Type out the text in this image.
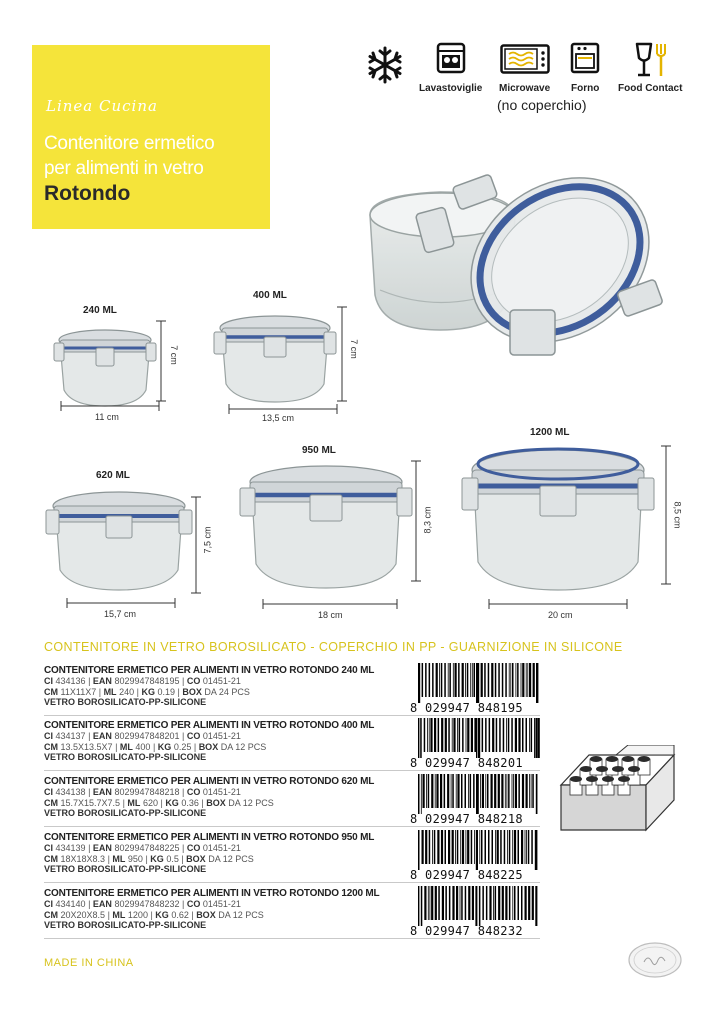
Linea Cucina
Contenitore ermetico
per alimenti in vetro
Rotondo
Lavastoviglie Microwave Forno Food Contact
(no coperchio)
240 ML
11 cm
7 cm
400 ML
13,5 cm
7 cm
620 ML
15,7 cm
7,5 cm
950 ML
18 cm
8,3 cm
1200 ML
20 cm
8,5 cm
CONTENITORE IN VETRO BOROSILICATO - COPERCHIO IN PP - GUARNIZIONE IN SILICONE
CONTENITORE ERMETICO PER ALIMENTI IN VETRO ROTONDO 240 ML
CI 434136 | EAN 8029947848195 | CO 01451-21
CM 11X11X7 | ML 240 | KG 0.19 | BOX DA 24 PCS
VETRO BOROSILICATO-PP-SILICONE	8 029947 848195
CONTENITORE ERMETICO PER ALIMENTI IN VETRO ROTONDO 400 ML
CI 434137 | EAN 8029947848201 | CO 01451-21
CM 13.5X13.5X7 | ML 400 | KG 0.25 | BOX DA 12 PCS
VETRO BOROSILICATO-PP-SILICONE	8 029947 848201
CONTENITORE ERMETICO PER ALIMENTI IN VETRO ROTONDO 620 ML
CI 434138 | EAN 8029947848218 | CO 01451-21
CM 15.7X15.7X7.5 | ML 620 | KG 0.36 | BOX DA 12 PCS
VETRO BOROSILICATO-PP-SILICONE	8 029947 848218
CONTENITORE ERMETICO PER ALIMENTI IN VETRO ROTONDO 950 ML
CI 434139 | EAN 8029947848225 | CO 01451-21
CM 18X18X8.3 | ML 950 | KG 0.5 | BOX DA 12 PCS
VETRO BOROSILICATO-PP-SILICONE	8 029947 848225
CONTENITORE ERMETICO PER ALIMENTI IN VETRO ROTONDO 1200 ML
CI 434140 | EAN 8029947848232 | CO 01451-21
CM 20X20X8.5 | ML 1200 | KG 0.62 | BOX DA 12 PCS
VETRO BOROSILICATO-PP-SILICONE	8 029947 848232
MADE IN CHINA
